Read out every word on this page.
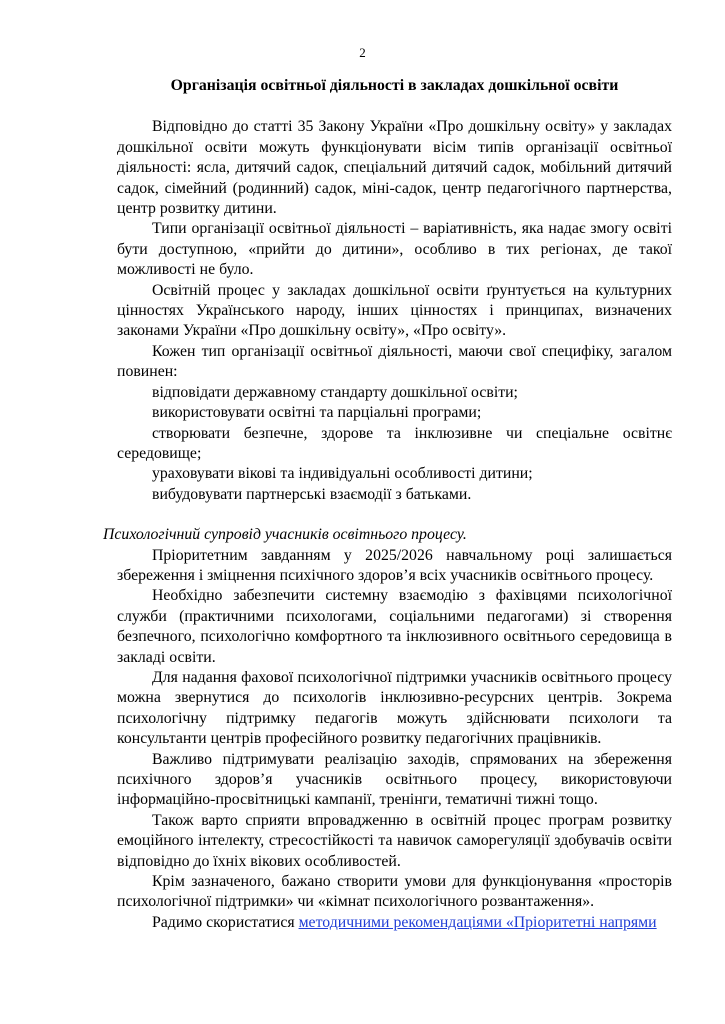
2

Організація освітньої діяльності в закладах дошкільної освіти

Відповідно до статті 35 Закону України «Про дошкільну освіту» у закладах дошкільної освіти можуть функціонувати вісім типів організації освітньої діяльності: ясла, дитячий садок, спеціальний дитячий садок, мобільний дитячий садок, сімейний (родинний) садок, міні-садок, центр педагогічного партнерства, центр розвитку дитини.

Типи організації освітньої діяльності – варіативність, яка надає змогу освіті бути доступною, «прийти до дитини», особливо в тих регіонах, де такої можливості не було.

Освітній процес у закладах дошкільної освіти ґрунтується на культурних цінностях Українського народу, інших цінностях і принципах, визначених законами України «Про дошкільну освіту», «Про освіту».

Кожен тип організації освітньої діяльності, маючи свої специфіку, загалом повинен:

відповідати державному стандарту дошкільної освіти;

використовувати освітні та парціальні програми;

створювати безпечне, здорове та інклюзивне чи спеціальне освітнє середовище;

ураховувати вікові та індивідуальні особливості дитини;

вибудовувати партнерські взаємодії з батьками.

Психологічний супровід учасників освітнього процесу.

Пріоритетним завданням у 2025/2026 навчальному році залишається збереження і зміцнення психічного здоров’я всіх учасників освітнього процесу.

Необхідно забезпечити системну взаємодію з фахівцями психологічної служби (практичними психологами, соціальними педагогами) зі створення безпечного, психологічно комфортного та інклюзивного освітнього середовища в закладі освіти.

Для надання фахової психологічної підтримки учасників освітнього процесу можна звернутися до психологів інклюзивно-ресурсних центрів. Зокрема психологічну підтримку педагогів можуть здійснювати психологи та консультанти центрів професійного розвитку педагогічних працівників.

Важливо підтримувати реалізацію заходів, спрямованих на збереження психічного здоров’я учасників освітнього процесу, використовуючи інформаційно-просвітницькі кампанії, тренінги, тематичні тижні тощо.

Також варто сприяти впровадженню в освітній процес програм розвитку емоційного інтелекту, стресостійкості та навичок саморегуляції здобувачів освіти відповідно до їхніх вікових особливостей.

Крім зазначеного, бажано створити умови для функціонування «просторів психологічної підтримки» чи «кімнат психологічного розвантаження».

Радимо скористатися методичними рекомендаціями «Пріоритетні напрями
